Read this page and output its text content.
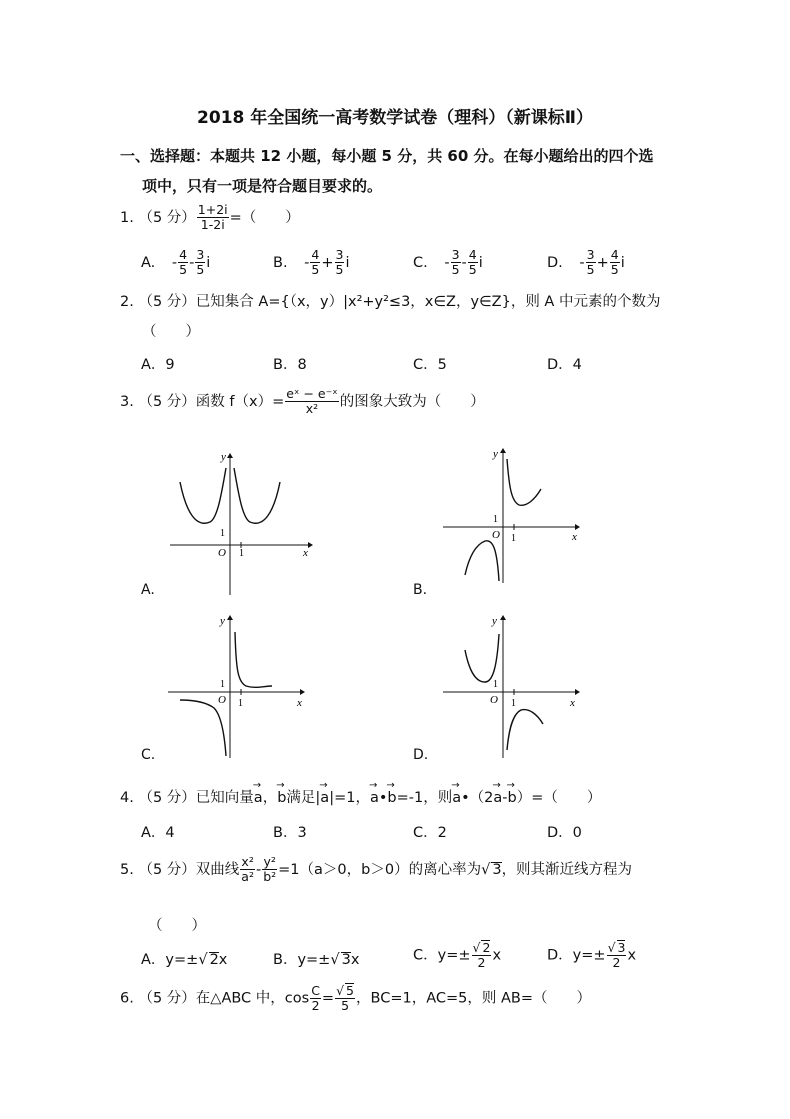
2018 年全国统一高考数学试卷（理科）（新课标Ⅱ）
一、选择题：本题共 12 小题，每小题 5 分，共 60 分。在每小题给出的四个选
项中，只有一项是符合题目要求的。
1. （5 分） $\frac{1+2i}{1-2i}$ =（　　）
A. - $\frac{4}{5} - \frac{3}{5}$ i	B. - $\frac{4}{5} + \frac{3}{5}$ i	C. - $\frac{3}{5} - \frac{4}{5}$ i	D. - $\frac{3}{5} + \frac{4}{5}$ i
2. （5 分）已知集合 A={（x，y）|x²+y²≤3，x∈Z，y∈Z}，则 A 中元素的个数为
（　　）
A．9	B．8	C．5	D．4
3. （5 分）函数 $f(x)= \frac{\text{eˣ − e⁻ˣ}}{\text{x²}}$ 的图象大致为（　　）
y
x
O
1
1
A.
y
x
O
1
1
B.
y
x
O
1
1
C.
y
x
O
1
1
D.
4. （5 分）已知向量a →，b →满足|a →|=1，a →•b →=-1，则a →•（2a →-b →）=（　　）
A．4	B．3	C．2	D．0
5. （5 分）双曲线 $\frac{\text{x²}}{\text{a²}} - \frac{\text{y²}}{\text{b²}} =1(a>0$，b＞0）的离心率为 √ 3，则其渐近线方程为
（　　）
A．y=± √ 2x	B．y=± √ 3x	C．y=± √ $\frac{2}{2}$ x	D．y=± √ $\frac{3}{2}$ x
6. （5 分）在△ABC 中，$\cos \frac{C}{2}$ = √ $\frac{5}{5}$ ，BC=1，AC=5，则 AB=（　　）
